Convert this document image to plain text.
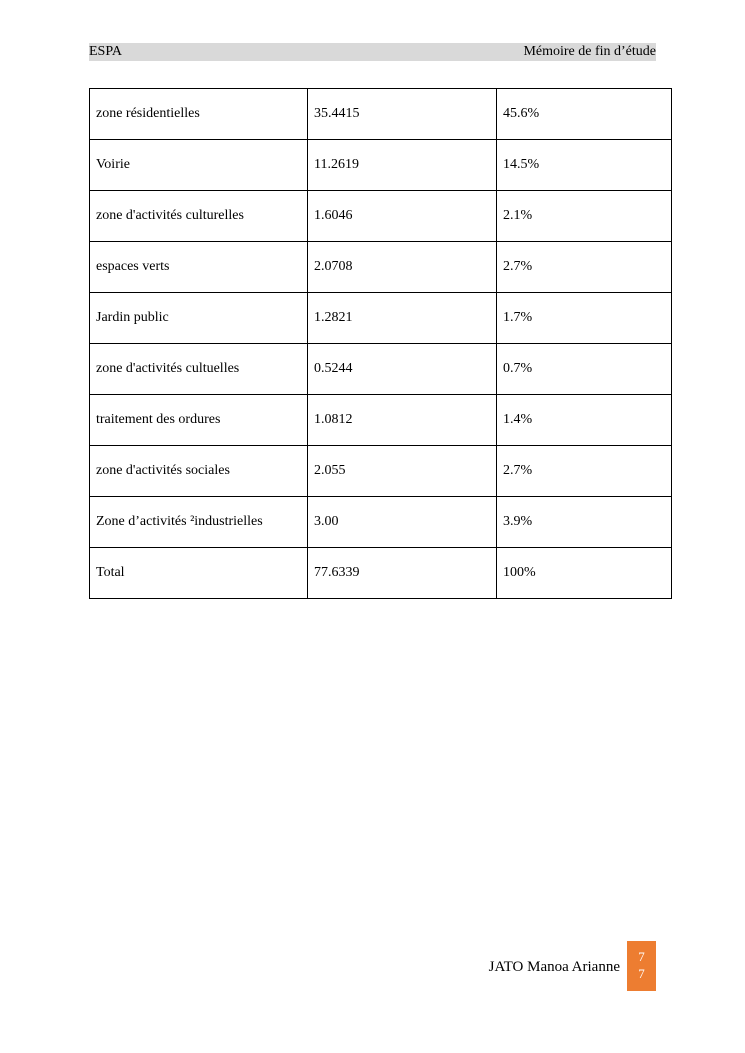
ESPA	Mémoire de fin d’étude
zone résidentielles	35.4415	45.6%
Voirie	11.2619	14.5%
zone d'activités culturelles	1.6046	2.1%
espaces verts	2.0708	2.7%
Jardin public	1.2821	1.7%
zone d'activités cultuelles	0.5244	0.7%
traitement des ordures	1.0812	1.4%
zone d'activités sociales	2.055	2.7%
Zone d’activités ²industrielles	3.00	3.9%
Total	77.6339	100%
JATO Manoa Arianne
7
7
